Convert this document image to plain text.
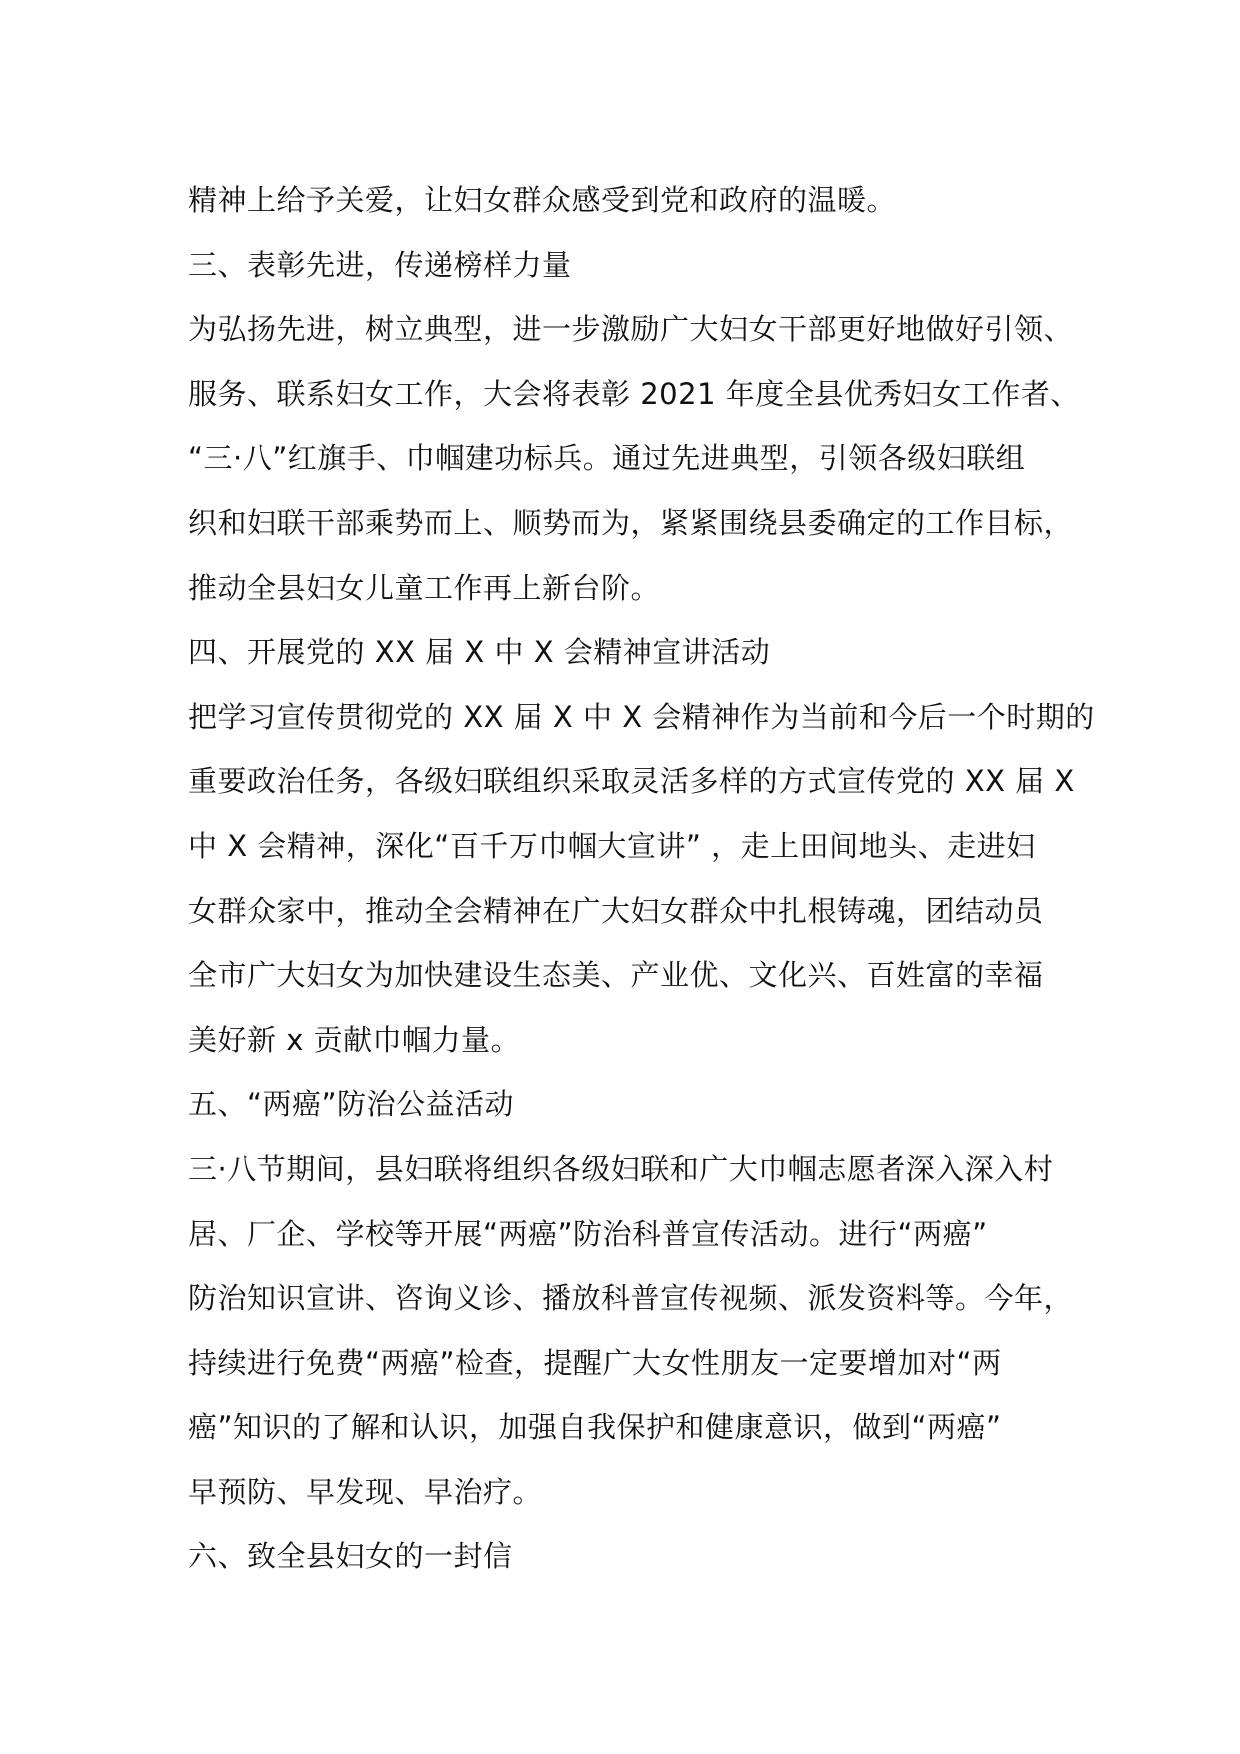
精神上给予关爱，让妇女群众感受到党和政府的温暖。
三、表彰先进，传递榜样力量
为弘扬先进，树立典型，进一步激励广大妇女干部更好地做好引领、
服务、联系妇女工作，大会将表彰 2021 年度全县优秀妇女工作者、
“三·八”红旗手、巾帼建功标兵。通过先进典型，引领各级妇联组
织和妇联干部乘势而上、顺势而为，紧紧围绕县委确定的工作目标，
推动全县妇女儿童工作再上新台阶。
四、开展党的 XX 届 X 中 X 会精神宣讲活动
把学习宣传贯彻党的 XX 届 X 中 X 会精神作为当前和今后一个时期的
重要政治任务，各级妇联组织采取灵活多样的方式宣传党的 XX 届 X
中 X 会精神，深化“百千万巾帼大宣讲” ，走上田间地头、走进妇
女群众家中，推动全会精神在广大妇女群众中扎根铸魂，团结动员
全市广大妇女为加快建设生态美、产业优、文化兴、百姓富的幸福
美好新 x 贡献巾帼力量。
五、“两癌”防治公益活动
三·八节期间，县妇联将组织各级妇联和广大巾帼志愿者深入深入村
居、厂企、学校等开展“两癌”防治科普宣传活动。进行“两癌”
防治知识宣讲、咨询义诊、播放科普宣传视频、派发资料等。今年，
持续进行免费“两癌”检查，提醒广大女性朋友一定要增加对“两
癌”知识的了解和认识，加强自我保护和健康意识，做到“两癌”
早预防、早发现、早治疗。
六、致全县妇女的一封信
